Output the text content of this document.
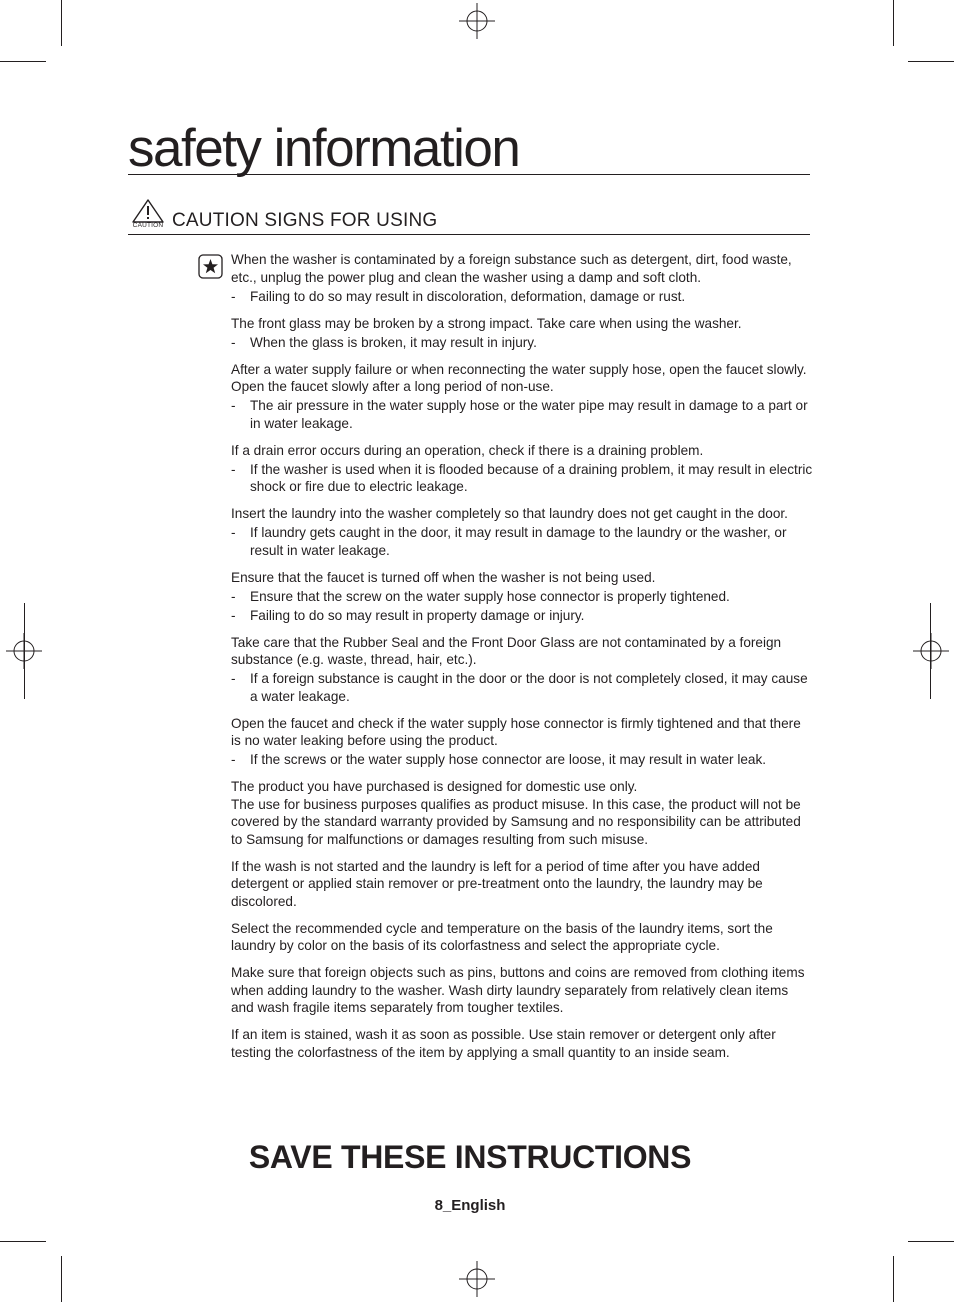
safety information
CAUTION CAUTION SIGNS FOR USING

When the washer is contaminated by a foreign substance such as detergent, dirt, food waste, etc., unplug the power plug and clean the washer using a damp and soft cloth.

- Failing to do so may result in discoloration, deformation, damage or rust.

The front glass may be broken by a strong impact. Take care when using the washer.

- When the glass is broken, it may result in injury.

After a water supply failure or when reconnecting the water supply hose, open the faucet slowly.

Open the faucet slowly after a long period of non-use.

- The air pressure in the water supply hose or the water pipe may result in damage to a part or in water leakage.

If a drain error occurs during an operation, check if there is a draining problem.

- If the washer is used when it is flooded because of a draining problem, it may result in electric shock or fire due to electric leakage.

Insert the laundry into the washer completely so that laundry does not get caught in the door.

- If laundry gets caught in the door, it may result in damage to the laundry or the washer, or result in water leakage.

Ensure that the faucet is turned off when the washer is not being used.

- Ensure that the screw on the water supply hose connector is properly tightened.
- Failing to do so may result in property damage or injury.

Take care that the Rubber Seal and the Front Door Glass are not contaminated by a foreign substance (e.g. waste, thread, hair, etc.).

- If a foreign substance is caught in the door or the door is not completely closed, it may cause a water leakage.

Open the faucet and check if the water supply hose connector is firmly tightened and that there is no water leaking before using the product.

- If the screws or the water supply hose connector are loose, it may result in water leak.

The product you have purchased is designed for domestic use only.

The use for business purposes qualifies as product misuse. In this case, the product will not be covered by the standard warranty provided by Samsung and no responsibility can be attributed to Samsung for malfunctions or damages resulting from such misuse.

If the wash is not started and the laundry is left for a period of time after you have added detergent or applied stain remover or pre-treatment onto the laundry, the laundry may be discolored.

Select the recommended cycle and temperature on the basis of the laundry items, sort the laundry by color on the basis of its colorfastness and select the appropriate cycle.

Make sure that foreign objects such as pins, buttons and coins are removed from clothing items when adding laundry to the washer. Wash dirty laundry separately from relatively clean items and wash fragile items separately from tougher textiles.

If an item is stained, wash it as soon as possible. Use stain remover or detergent only after testing the colorfastness of the item by applying a small quantity to an inside seam.

SAVE THESE INSTRUCTIONS
8_English
